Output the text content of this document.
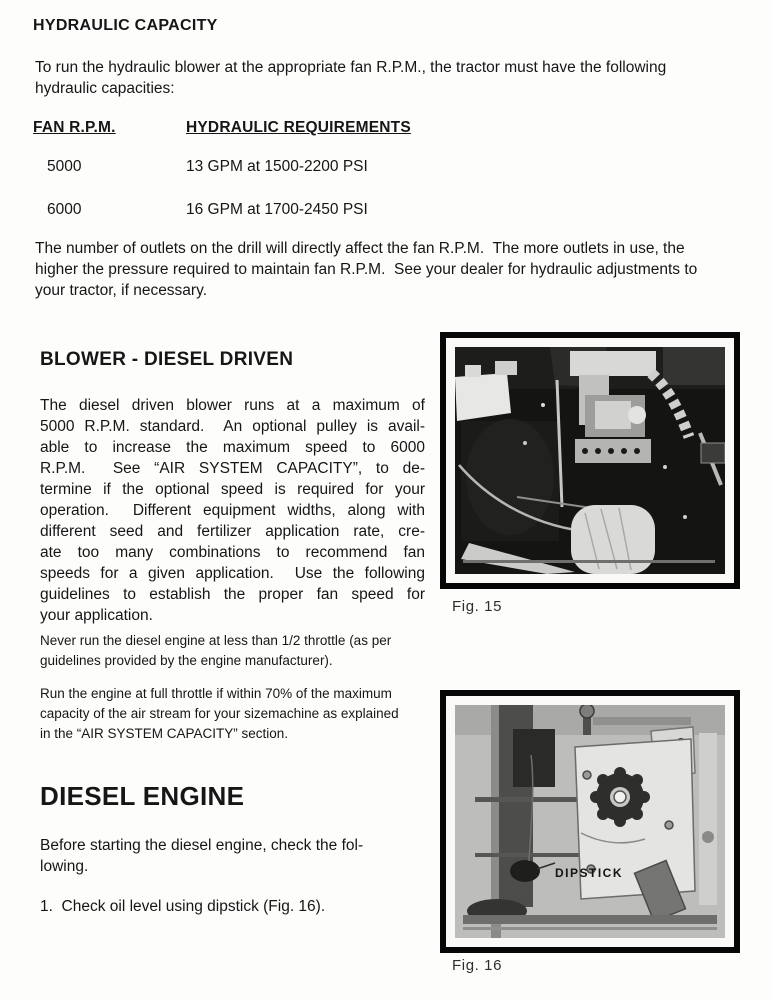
HYDRAULIC CAPACITY
To run the hydraulic blower at the appropriate fan R.P.M., the tractor must have the following
hydraulic capacities:
FAN R.P.M.	HYDRAULIC REQUIREMENTS
5000	13 GPM at 1500-2200 PSI
6000	16 GPM at 1700-2450 PSI
The number of outlets on the drill will directly affect the fan R.P.M.  The more outlets in use, the
higher the pressure required to maintain fan R.P.M.  See your dealer for hydraulic adjustments to
your tractor, if necessary.
BLOWER - DIESEL DRIVEN
The diesel driven blower runs at a maximum of
5000 R.P.M. standard.  An optional pulley is avail-
able to increase the maximum speed to 6000
R.P.M.  See “AIR SYSTEM CAPACITY”, to de-
termine if the optional speed is required for your
operation.  Different equipment widths, along with
different seed and fertilizer application rate, cre-
ate too many combinations to recommend fan
speeds for a given application.  Use the following
guidelines to establish the proper fan speed for
your application.
Never run the diesel engine at less than 1/2 throttle (as per
guidelines provided by the engine manufacturer).
Run the engine at full throttle if within 70% of the maximum
capacity of the air stream for your sizemachine as explained
in the “AIR SYSTEM CAPACITY” section.
DIESEL ENGINE
Before starting the diesel engine, check the fol-
lowing.
1.  Check oil level using dipstick (Fig. 16).
Fig. 15
DIPSTICK
Fig. 16
